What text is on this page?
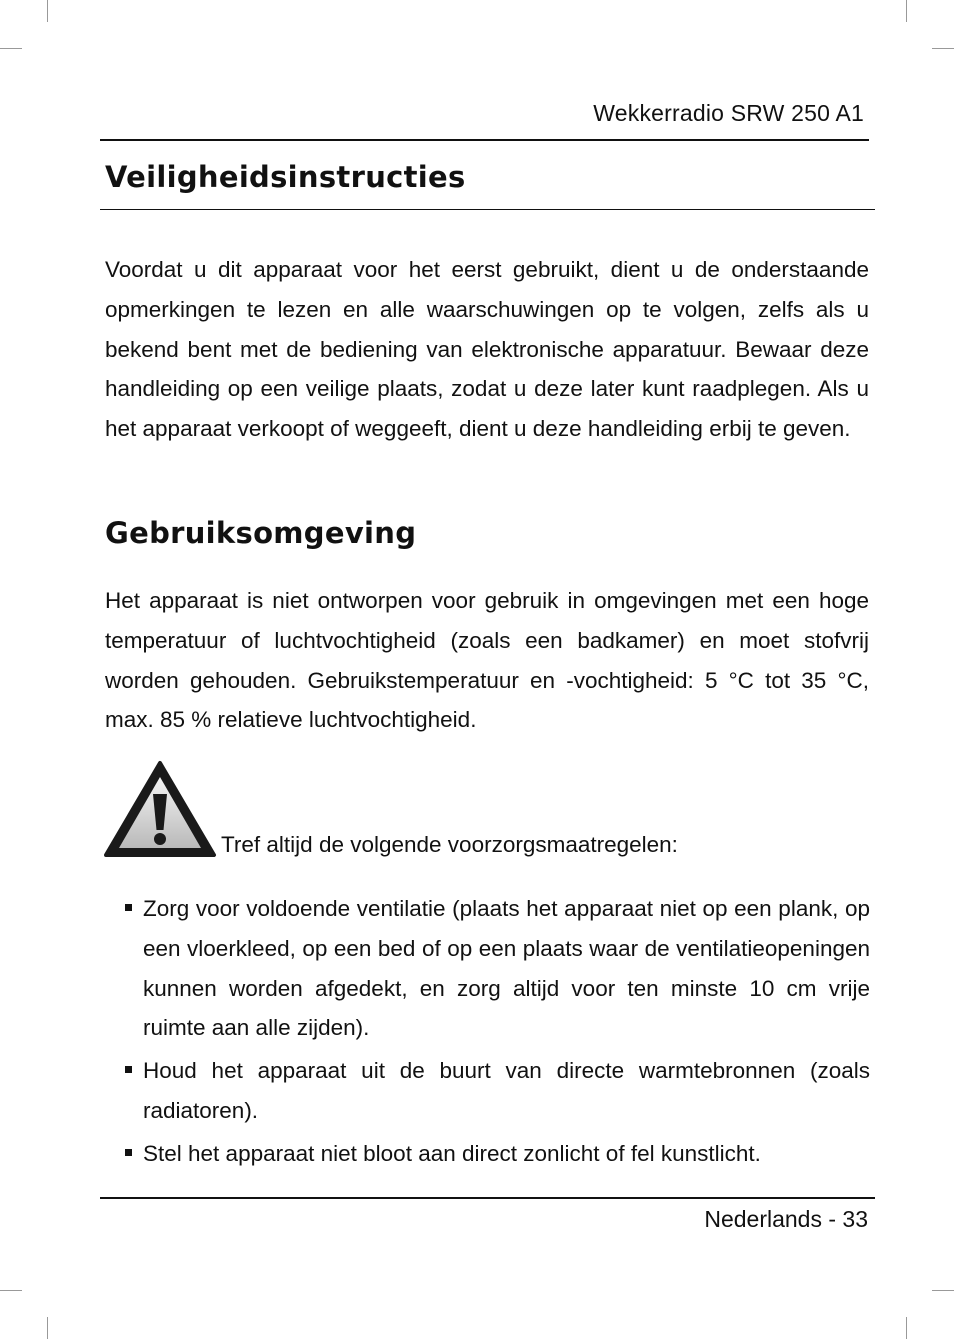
Wekkerradio SRW 250 A1
Veiligheidsinstructies

Voordat u dit apparaat voor het eerst gebruikt, dient u de onderstaande opmerkingen te lezen en alle waarschuwingen op te volgen, zelfs als u bekend bent met de bediening van elektronische apparatuur. Bewaar deze handleiding op een veilige plaats, zodat u deze later kunt raadplegen. Als u het apparaat verkoopt of weggeeft, dient u deze handleiding erbij te geven.

Gebruiksomgeving

Het apparaat is niet ontworpen voor gebruik in omgevingen met een hoge temperatuur of luchtvochtigheid (zoals een badkamer) en moet stofvrij worden gehouden. Gebruikstemperatuur en -vochtigheid: 5 °C tot 35 °C, max. 85 % relatieve luchtvochtigheid.

Tref altijd de volgende voorzorgsmaatregelen:
Zorg voor voldoende ventilatie (plaats het apparaat niet op een plank, op een vloerkleed, op een bed of op een plaats waar de ventilatieopeningen kunnen worden afgedekt, en zorg altijd voor ten minste 10 cm vrije ruimte aan alle zijden).
Houd het apparaat uit de buurt van directe warmtebronnen (zoals radiatoren).
Stel het apparaat niet bloot aan direct zonlicht of fel kunstlicht.
Nederlands - 33
